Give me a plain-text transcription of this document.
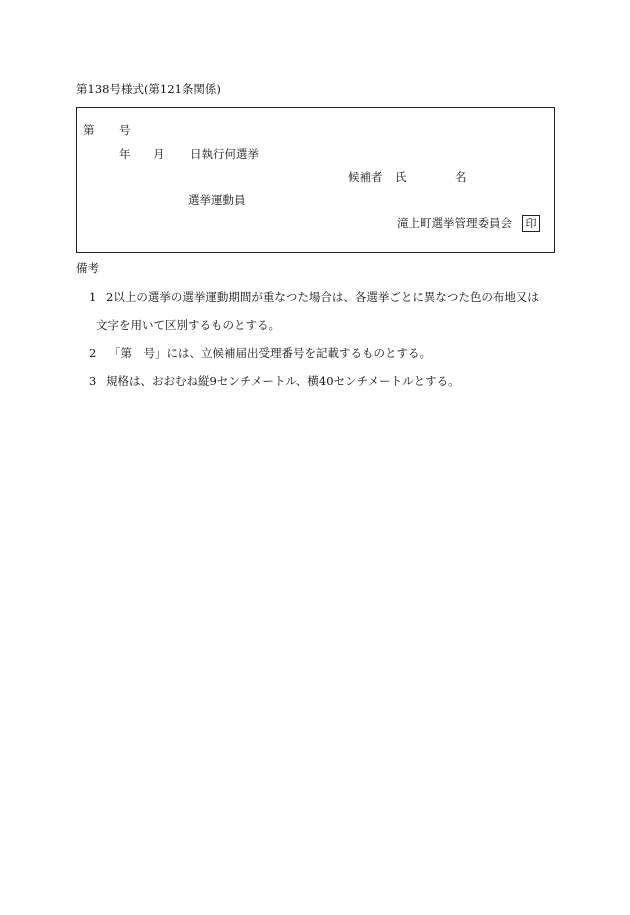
第138号様式(第121条関係)
第 号
年 月 日執行何選挙
候補者 氏	名
選挙運動員
滝上町選挙管理委員会	印
備考
1 2以上の選挙の選挙運動期間が重なつた場合は、各選挙ごとに異なつた色の布地又は
文字を用いて区別するものとする。
2 「第　号」には、立候補届出受理番号を記載するものとする。
3 規格は、おおむね縦9センチメートル、横40センチメートルとする。
